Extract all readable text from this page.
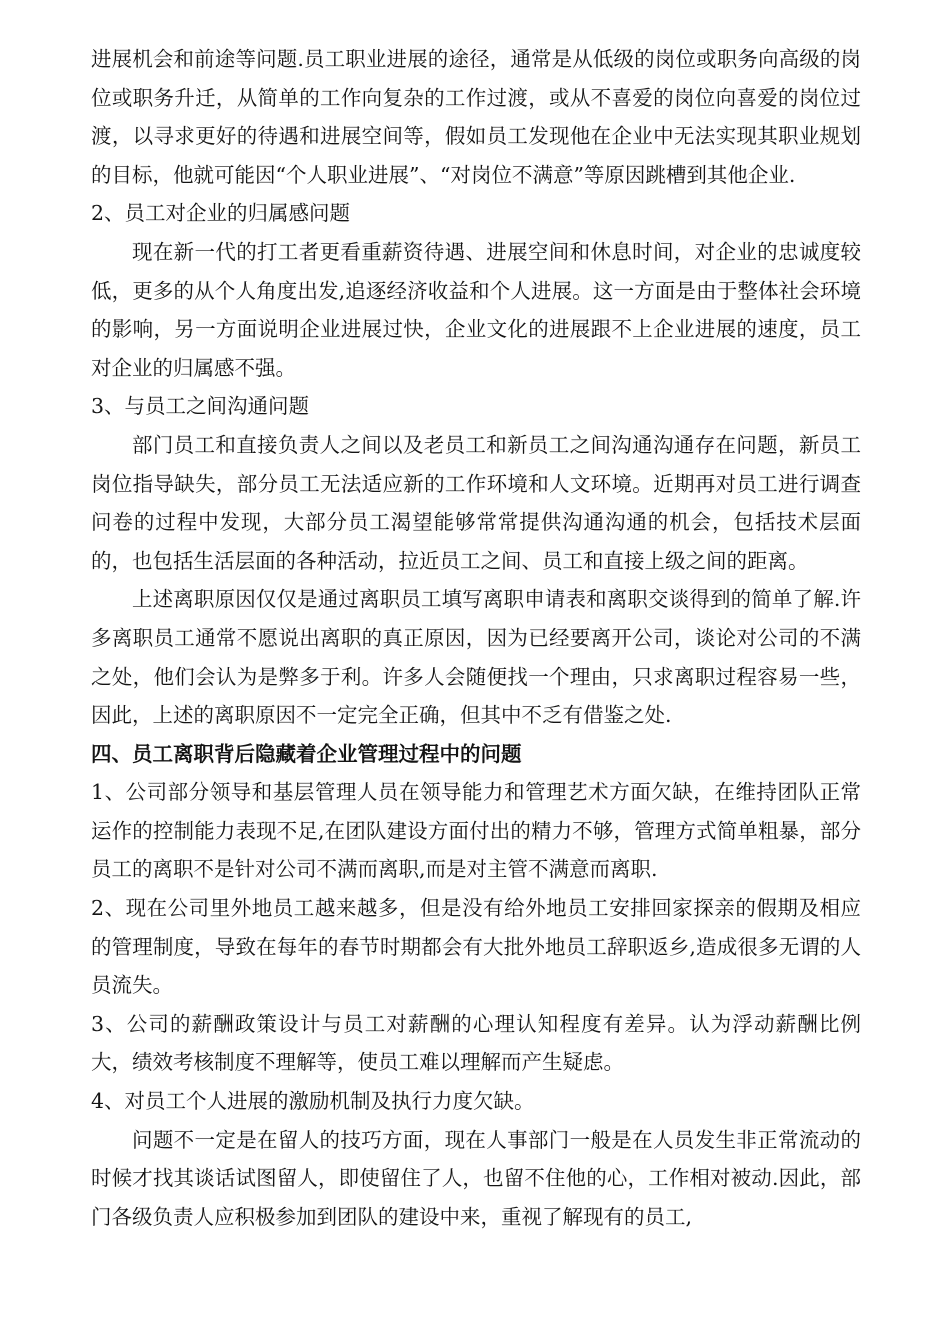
进展机会和前途等问题.员工职业进展的途径，通常是从低级的岗位或职务向高级的岗位或职务升迁，从简单的工作向复杂的工作过渡，或从不喜爱的岗位向喜爱的岗位过渡，以寻求更好的待遇和进展空间等，假如员工发现他在企业中无法实现其职业规划的目标，他就可能因“个人职业进展”、“对岗位不满意”等原因跳槽到其他企业.

2、员工对企业的归属感问题

现在新一代的打工者更看重薪资待遇、进展空间和休息时间，对企业的忠诚度较低，更多的从个人角度出发,追逐经济收益和个人进展。这一方面是由于整体社会环境的影响，另一方面说明企业进展过快，企业文化的进展跟不上企业进展的速度，员工对企业的归属感不强。

3、与员工之间沟通问题

部门员工和直接负责人之间以及老员工和新员工之间沟通沟通存在问题，新员工岗位指导缺失，部分员工无法适应新的工作环境和人文环境。近期再对员工进行调查问卷的过程中发现，大部分员工渴望能够常常提供沟通沟通的机会，包括技术层面的，也包括生活层面的各种活动，拉近员工之间、员工和直接上级之间的距离。

上述离职原因仅仅是通过离职员工填写离职申请表和离职交谈得到的简单了解.许多离职员工通常不愿说出离职的真正原因，因为已经要离开公司，谈论对公司的不满之处，他们会认为是弊多于利。许多人会随便找一个理由，只求离职过程容易一些，因此，上述的离职原因不一定完全正确，但其中不乏有借鉴之处.

四、员工离职背后隐藏着企业管理过程中的问题

1、公司部分领导和基层管理人员在领导能力和管理艺术方面欠缺，在维持团队正常运作的控制能力表现不足,在团队建设方面付出的精力不够，管理方式简单粗暴，部分员工的离职不是针对公司不满而离职,而是对主管不满意而离职.

2、现在公司里外地员工越来越多，但是没有给外地员工安排回家探亲的假期及相应的管理制度，导致在每年的春节时期都会有大批外地员工辞职返乡,造成很多无谓的人员流失。

3、公司的薪酬政策设计与员工对薪酬的心理认知程度有差异。认为浮动薪酬比例大，绩效考核制度不理解等，使员工难以理解而产生疑虑。

4、对员工个人进展的激励机制及执行力度欠缺。

问题不一定是在留人的技巧方面，现在人事部门一般是在人员发生非正常流动的时候才找其谈话试图留人，即使留住了人，也留不住他的心，工作相对被动.因此，部门各级负责人应积极参加到团队的建设中来，重视了解现有的员工,
